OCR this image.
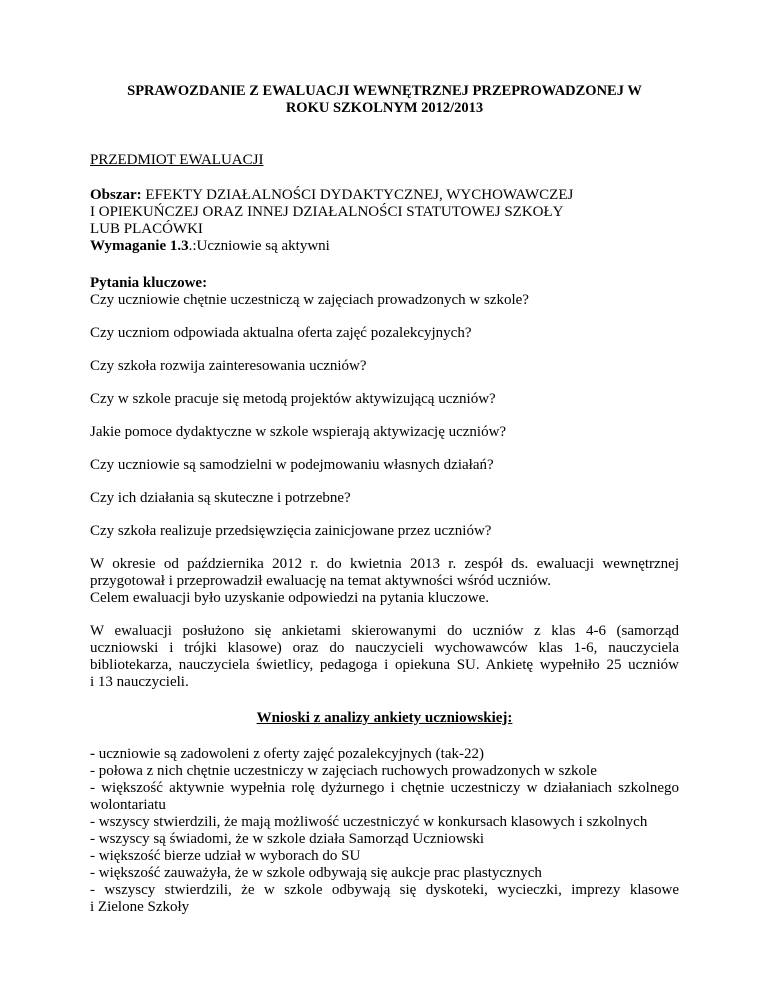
SPRAWOZDANIE Z EWALUACJI WEWNĘTRZNEJ PRZEPROWADZONEJ W
ROKU SZKOLNYM 2012/2013

PRZEDMIOT EWALUACJI

Obszar: EFEKTY DZIAŁALNOŚCI DYDAKTYCZNEJ, WYCHOWAWCZEJ
I OPIEKUŃCZEJ ORAZ INNEJ DZIAŁALNOŚCI STATUTOWEJ SZKOŁY
LUB PLACÓWKI
Wymaganie 1.3.:Uczniowie są aktywni
Pytania kluczowe:
Czy uczniowie chętnie uczestniczą w zajęciach prowadzonych w szkole?
Czy uczniom odpowiada aktualna oferta zajęć pozalekcyjnych?
Czy szkoła rozwija zainteresowania uczniów?
Czy w szkole pracuje się metodą projektów aktywizującą uczniów?
Jakie pomoce dydaktyczne w szkole wspierają aktywizację uczniów?
Czy uczniowie są samodzielni w podejmowaniu własnych działań?
Czy ich działania są skuteczne i potrzebne?
Czy szkoła realizuje przedsięwzięcia zainicjowane przez uczniów?
W okresie od października 2012 r. do kwietnia 2013 r. zespół ds. ewaluacji wewnętrznej
przygotował i przeprowadził ewaluację na temat aktywności wśród uczniów.
Celem ewaluacji było uzyskanie odpowiedzi na pytania kluczowe.
W ewaluacji posłużono się ankietami skierowanymi do uczniów z klas 4-6 (samorząd
uczniowski i trójki klasowe) oraz do nauczycieli wychowawców klas 1-6, nauczyciela
bibliotekarza, nauczyciela świetlicy, pedagoga i opiekuna SU. Ankietę wypełniło 25 uczniów
i 13 nauczycieli.

Wnioski z analizy ankiety uczniowskiej:

- uczniowie są zadowoleni z oferty zajęć pozalekcyjnych (tak-22)
- połowa z nich chętnie uczestniczy w zajęciach ruchowych prowadzonych w szkole
- większość aktywnie wypełnia rolę dyżurnego i chętnie uczestniczy w działaniach szkolnego
wolontariatu
- wszyscy stwierdzili, że mają możliwość uczestniczyć w konkursach klasowych i szkolnych
- wszyscy są świadomi, że w szkole działa Samorząd Uczniowski
- większość bierze udział w wyborach do SU
- większość zauważyła, że w szkole odbywają się aukcje prac plastycznych
- wszyscy stwierdzili, że w szkole odbywają się dyskoteki, wycieczki, imprezy klasowe
i Zielone Szkoły
